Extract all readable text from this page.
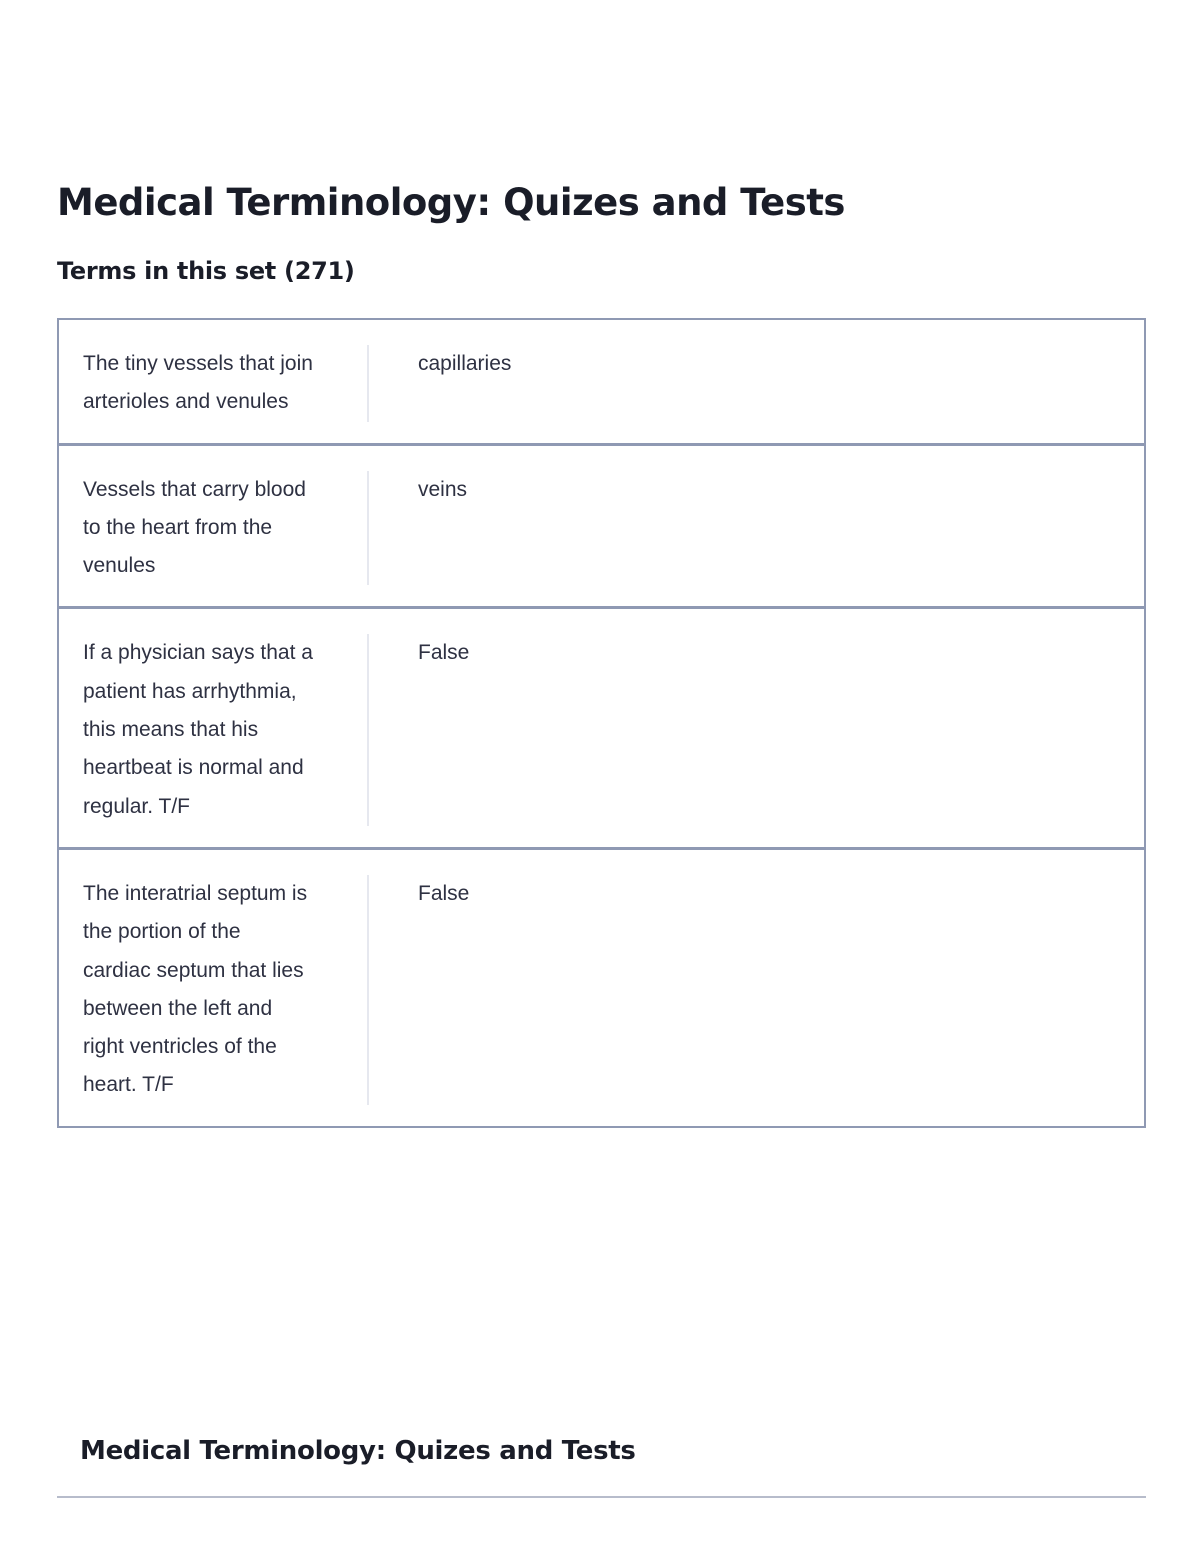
Medical Terminology: Quizes and Tests
Terms in this set (271)
The tiny vessels that join
arterioles and venules
capillaries
Vessels that carry blood
to the heart from the
venules
veins
If a physician says that a
patient has arrhythmia,
this means that his
heartbeat is normal and
regular. T/F
False
The interatrial septum is
the portion of the
cardiac septum that lies
between the left and
right ventricles of the
heart. T/F
False
Medical Terminology: Quizes and Tests
